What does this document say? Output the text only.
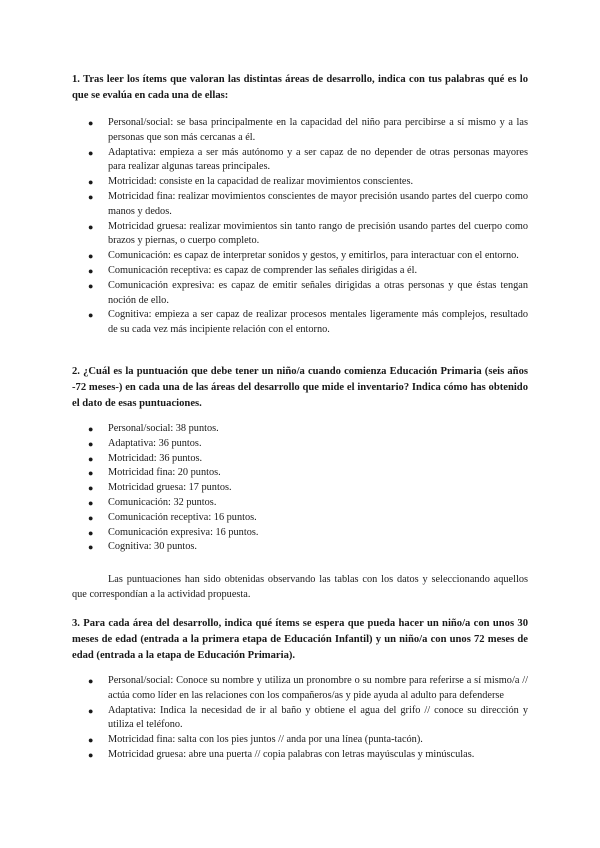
1. Tras leer los ítems que valoran las distintas áreas de desarrollo, indica con tus palabras qué es lo que se evalúa en cada una de ellas:

● Personal/social: se basa principalmente en la capacidad del niño para percibirse a sí mismo y a las personas que son más cercanas a él.
● Adaptativa: empieza a ser más autónomo y a ser capaz de no depender de otras personas mayores para realizar algunas tareas principales.
● Motricidad: consiste en la capacidad de realizar movimientos conscientes.
● Motricidad fina: realizar movimientos conscientes de mayor precisión usando partes del cuerpo como manos y dedos.
● Motricidad gruesa: realizar movimientos sin tanto rango de precisión usando partes del cuerpo como brazos y piernas, o cuerpo completo.
● Comunicación: es capaz de interpretar sonidos y gestos, y emitirlos, para interactuar con el entorno.
● Comunicación receptiva: es capaz de comprender las señales dirigidas a él.
● Comunicación expresiva: es capaz de emitir señales dirigidas a otras personas y que éstas tengan noción de ello.
● Cognitiva: empieza a ser capaz de realizar procesos mentales ligeramente más complejos, resultado de su cada vez más incipiente relación con el entorno.

2. ¿Cuál es la puntuación que debe tener un niño/a cuando comienza Educación Primaria (seis años -72 meses-) en cada una de las áreas del desarrollo que mide el inventario? Indica cómo has obtenido el dato de esas puntuaciones.

● Personal/social: 38 puntos.
● Adaptativa: 36 puntos.
● Motricidad: 36 puntos.
● Motricidad fina: 20 puntos.
● Motricidad gruesa: 17 puntos.
● Comunicación: 32 puntos.
● Comunicación receptiva: 16 puntos.
● Comunicación expresiva: 16 puntos.
● Cognitiva: 30 puntos.

Las puntuaciones han sido obtenidas observando las tablas con los datos y seleccionando aquellos que correspondían a la actividad propuesta.

3. Para cada área del desarrollo, indica qué ítems se espera que pueda hacer un niño/a con unos 30 meses de edad (entrada a la primera etapa de Educación Infantil) y un niño/a con unos 72 meses de edad (entrada a la etapa de Educación Primaria).

● Personal/social: Conoce su nombre y utiliza un pronombre o su nombre para referirse a sí mismo/a // actúa como líder en las relaciones con los compañeros/as y pide ayuda al adulto para defenderse
● Adaptativa: Indica la necesidad de ir al baño y obtiene el agua del grifo // conoce su dirección y utiliza el teléfono.
● Motricidad fina: salta con los pies juntos // anda por una línea (punta-tacón).
● Motricidad gruesa: abre una puerta // copia palabras con letras mayúsculas y minúsculas.
